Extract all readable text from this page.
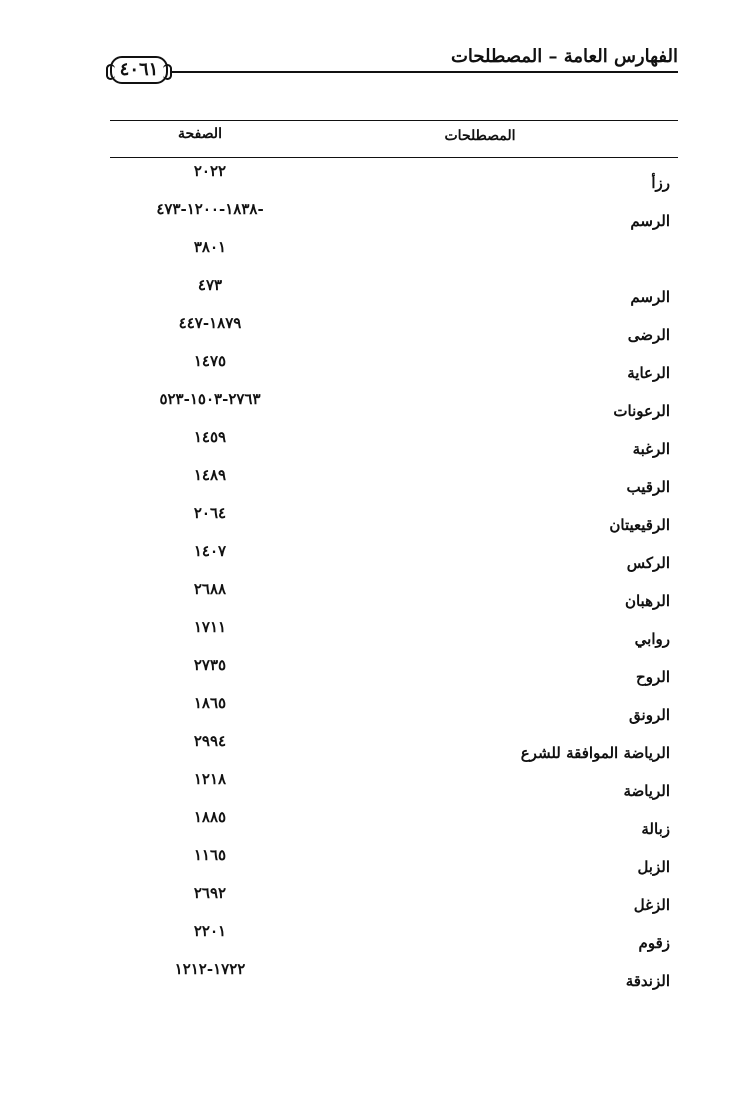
الفهارس العامة – المصطلحات
٤٠٦١
المصطلحات
الصفحة
رزأ
٢٠٢٢
الرسم
-١٨٣٨-١٢٠٠-٤٧٣
٣٨٠١
الرسم
٤٧٣
الرضى
١٨٧٩-٤٤٧
الرعاية
١٤٧٥
الرعونات
٢٧٦٣-١٥٠٣-٥٢٣
الرغبة
١٤٥٩
الرقيب
١٤٨٩
الرقيعيتان
٢٠٦٤
الركس
١٤٠٧
الرهبان
٢٦٨٨
روابي
١٧١١
الروح
٢٧٣٥
الرونق
١٨٦٥
الرياضة الموافقة للشرع
٢٩٩٤
الرياضة
١٢١٨
زبالة
١٨٨٥
الزبل
١١٦٥
الزغل
٢٦٩٢
زقوم
٢٢٠١
الزندقة
١٧٢٢-١٢١٢
